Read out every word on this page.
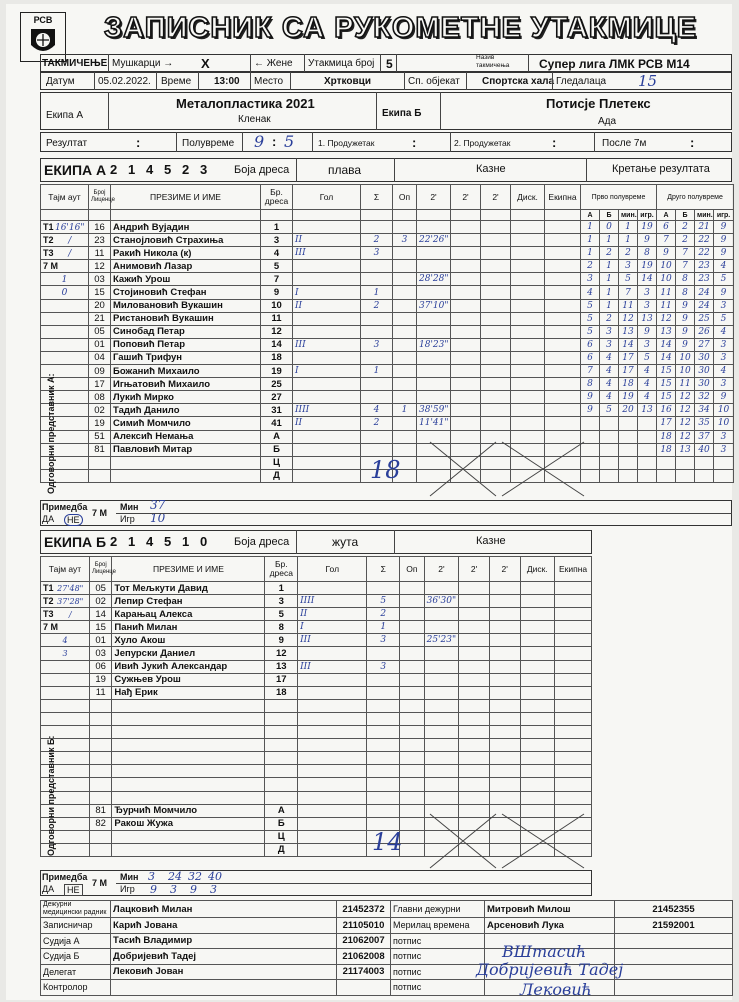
РСВ	ЗАПИСНИК СА РУКОМЕТНЕ УТАКМИЦЕ
ТАКМИЧЕЊЕ Мушкарци → X	← Жене Утакмица број 5	Назив такмичења	Супер лига ЛМК РСВ М14
Датум 05.02.2022. Време 13:00 Место	Хртковци	Сп. објекат Спортска хала Гледалаца 15
Екипа А
Металопластика 2021
Кленак
Екипа Б
Потисје Плетекс
Ада
Резултат	:	Полувреме 9 : 5	1. Продужетак	:	2. Продужетак	:	После 7м	:
ЕКИПА А 2 1 4 5 2 3 Боја дреса	плава	Казне	Кретање резултата
Тајм аут	Број Лиценце	ПРЕЗИМЕ И ИМЕ	Бр. дреса	Гол	Σ	Оп	2'	2'	2'	Диск.	Екипна	Прво полувреме				Друго полувреме			
												А	Б	мин.	игр.	А	Б	мин.	игр.

T1 16'16"	16	Андрић Вујадин	1									1	0	1	19	6	2	21	9

T2 /	23	Станојловић Страхиња	3	II	2	3	22'26"					1	1	1	9	7	2	22	9

T3 /	11	Ракић Никола (к)	4	III	3							1	2	2	8	9	7	22	9

7 M	12	Анимовић Лазар	5									2	1	3	19	10	7	23	4
1	03	Кажић Урош	7				28'28"					3	1	5	14	10	8	23	5
0	15	Стојиновић Стефан	9	I	1							4	1	7	3	11	8	24	9
	20	Миловановић Вукашин	10	II	2		37'10"					5	1	11	3	11	9	24	3
	21	Ристановић Вукашин	11									5	2	12	13	12	9	25	5
	05	Синобад Петар	12									5	3	13	9	13	9	26	4
	01	Поповић Петар	14	III	3		18'23"					6	3	14	3	14	9	27	3
	04	Гашић Трифун	18									6	4	17	5	14	10	30	3
	09	Божанић Михаило	19	I	1							7	4	17	4	15	10	30	4
	17	Игњатовић Михаило	25									8	4	18	4	15	11	30	3
	08	Лукић Мирко	27									9	4	19	4	15	12	32	9
	02	Тадић Данило	31	IIII	4	1	38'59"					9	5	20	13	16	12	34	10
	19	Симић Момчило	41	II	2		11'41"									17	12	35	10
	51	Алексић Немања	А													18	12	37	3
	81	Павловић Митар	Б													18	13	40	3
			Ц																
			Д																
Одговорни представник А:	18
Примедба
ДА	НЕ
7 М
Мин 37
Игр 10
ЕКИПА Б 2 1 4 5 1 0 Боја дреса	жута	Казне
Тајм аут	Број Лиценце	ПРЕЗИМЕ И ИМЕ	Бр. дреса	Гол	Σ	Оп	2'	2'	2'	Диск.	Екипна

T1 27'48"	05	Тот Мељкути Давид	1								

T2 37'28"	02	Лепир Стефан	3	IIII	5		36'30"				

T3 /	14	Карањац Алекса	5	II	2						

7 M	15	Панић Милан	8	I	1						
4	01	Хуло Акош	9	III	3		25'23"				
3	03	Јепурски Даниел	12								
	06	Ивић Јукић Александар	13	III	3						
	19	Сужњев Урош	17								
	11	Нађ Ерик	18								

	81	Ђурчић Момчило	А								
	82	Ракош Жужа	Б								
			Ц								
			Д								
Одговорни представник Б:	14
Примедба
ДА	НЕ
7 М
Мин
Игр
3 24 32 40
9 3 9 3
Дежурни медицински радник	Лацковић Милан	21452372	Главни дежурни	Митровић Милош	21452355
Записничар	Карић Јована	21105010	Мерилац времена	Арсеновић Лука	21592001
Судија А	Тасић Владимир	21062007	потпис		
Судија Б	Добријевић Тадеј	21062008	потпис		
Делегат	Лековић Јован	21174003	потпис		
Контролор			потпис		
ВШтасић
Добријевић Тадеј
Лековић
